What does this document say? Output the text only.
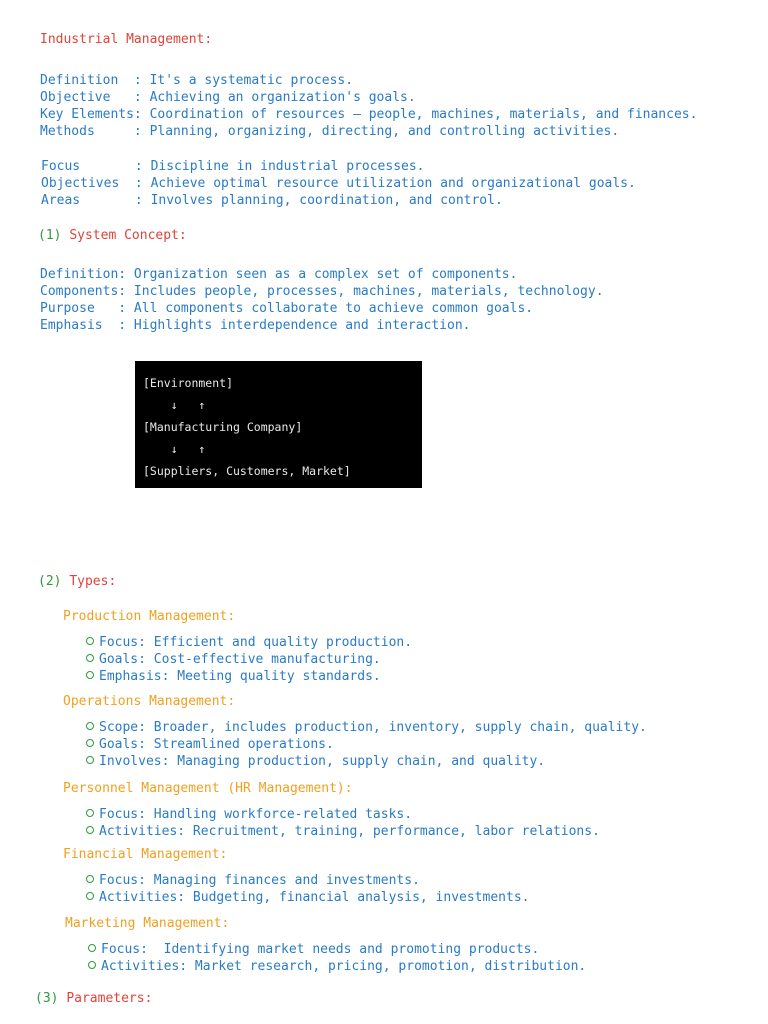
Industrial Management:
Definition  : It's a systematic process.
Objective   : Achieving an organization's goals.
Key Elements: Coordination of resources – people, machines, materials, and finances.
Methods     : Planning, organizing, directing, and controlling activities.
Focus       : Discipline in industrial processes.
Objectives  : Achieve optimal resource utilization and organizational goals.
Areas       : Involves planning, coordination, and control.
(1) System Concept:
Definition: Organization seen as a complex set of components.
Components: Includes people, processes, machines, materials, technology.
Purpose   : All components collaborate to achieve common goals.
Emphasis  : Highlights interdependence and interaction.
[Environment]
↓   ↑
[Manufacturing Company]
↓   ↑
[Suppliers, Customers, Market]
(2) Types:
Production Management:
Focus: Efficient and quality production.
Goals: Cost-effective manufacturing.
Emphasis: Meeting quality standards.
Operations Management:
Scope: Broader, includes production, inventory, supply chain, quality.
Goals: Streamlined operations.
Involves: Managing production, supply chain, and quality.
Personnel Management (HR Management):
Focus: Handling workforce-related tasks.
Activities: Recruitment, training, performance, labor relations.
Financial Management:
Focus: Managing finances and investments.
Activities: Budgeting, financial analysis, investments.
Marketing Management:
Focus:  Identifying market needs and promoting products.
Activities: Market research, pricing, promotion, distribution.
(3) Parameters:
